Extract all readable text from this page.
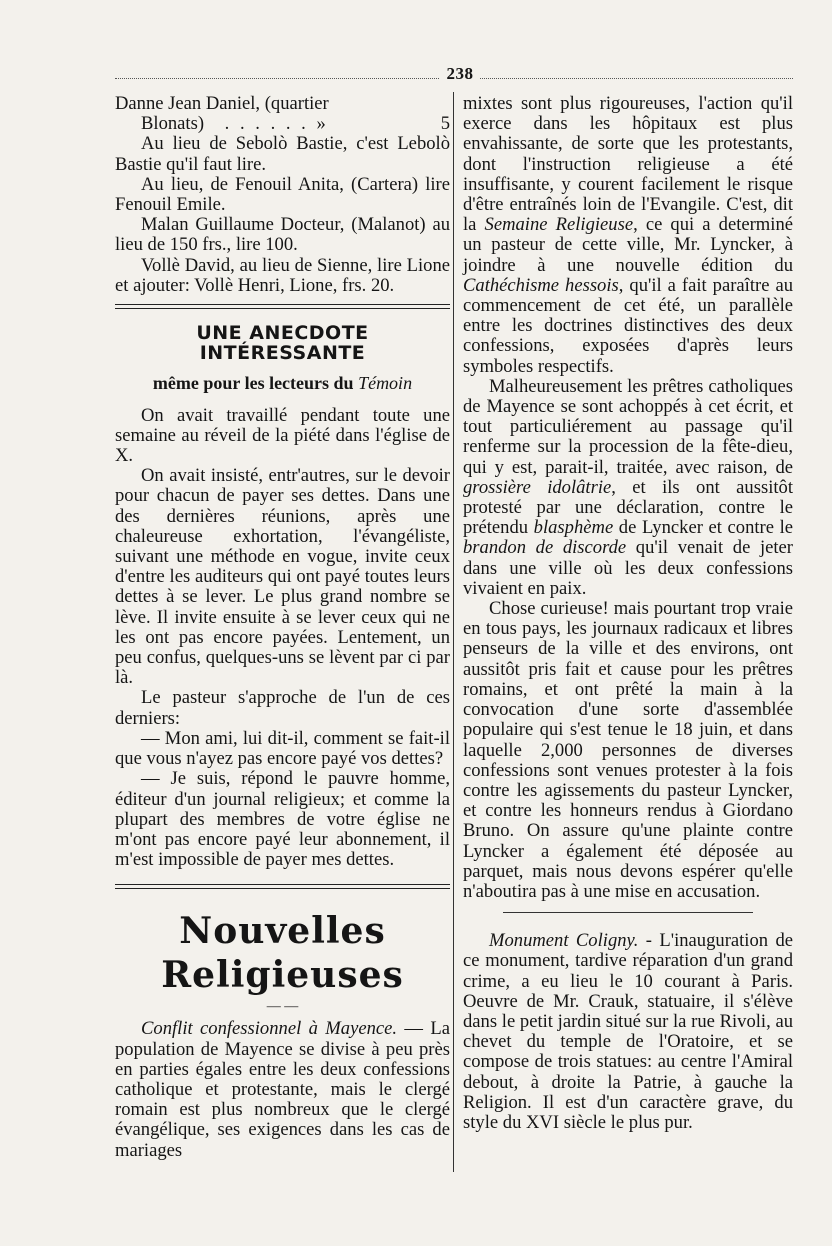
238

Danne Jean Daniel, (quartier
Blonats) . . . . . . »	5

Au lieu de Sebolò Bastie, c'est Lebolò Bastie qu'il faut lire.

Au lieu, de Fenouil Anita, (Cartera) lire Fenouil Emile.

Malan Guillaume Docteur, (Malanot) au lieu de 150 frs., lire 100.

Vollè David, au lieu de Sienne, lire Lione et ajouter: Vollè Henri, Lione, frs. 20.

UNE ANECDOTE INTÉRESSANTE
même pour les lecteurs du Témoin

On avait travaillé pendant toute une semaine au réveil de la piété dans l'église de X.

On avait insisté, entr'autres, sur le devoir pour chacun de payer ses dettes. Dans une des dernières réunions, après une chaleureuse exhortation, l'évangéliste, suivant une méthode en vogue, invite ceux d'entre les auditeurs qui ont payé toutes leurs dettes à se lever. Le plus grand nombre se lève. Il invite ensuite à se lever ceux qui ne les ont pas encore payées. Lentement, un peu confus, quelques-uns se lèvent par ci par là.

Le pasteur s'approche de l'un de ces derniers:

— Mon ami, lui dit-il, comment se fait-il que vous n'ayez pas encore payé vos dettes?

— Je suis, répond le pauvre homme, éditeur d'un journal religieux; et comme la plupart des membres de votre église ne m'ont pas encore payé leur abonnement, il m'est impossible de payer mes dettes.

Nouvelles Religieuses
— —

Conflit confessionnel à Mayence. — La population de Mayence se divise à peu près en parties égales entre les deux confessions catholique et protestante, mais le clergé romain est plus nombreux que le clergé évangélique, ses exigences dans les cas de mariages

mixtes sont plus rigoureuses, l'action qu'il exerce dans les hôpitaux est plus envahissante, de sorte que les protestants, dont l'instruction religieuse a été insuffisante, y courent facilement le risque d'être entraînés loin de l'Evangile. C'est, dit la Semaine Religieuse, ce qui a determiné un pasteur de cette ville, Mr. Lyncker, à joindre à une nouvelle édition du Cathéchisme hessois, qu'il a fait paraître au commencement de cet été, un parallèle entre les doctrines distinctives des deux confessions, exposées d'après leurs symboles respectifs.

Malheureusement les prêtres catholiques de Mayence se sont achoppés à cet écrit, et tout particuliérement au passage qu'il renferme sur la procession de la fête-dieu, qui y est, parait-il, traitée, avec raison, de grossière idolâtrie, et ils ont aussitôt protesté par une déclaration, contre le prétendu blasphème de Lyncker et contre le brandon de discorde qu'il venait de jeter dans une ville où les deux confessions vivaient en paix.

Chose curieuse! mais pourtant trop vraie en tous pays, les journaux radicaux et libres penseurs de la ville et des environs, ont aussitôt pris fait et cause pour les prêtres romains, et ont prêté la main à la convocation d'une sorte d'assemblée populaire qui s'est tenue le 18 juin, et dans laquelle 2,000 personnes de diverses confessions sont venues protester à la fois contre les agissements du pasteur Lyncker, et contre les honneurs rendus à Giordano Bruno. On assure qu'une plainte contre Lyncker a également été déposée au parquet, mais nous devons espérer qu'elle n'aboutira pas à une mise en accusation.

Monument Coligny. - L'inauguration de ce monument, tardive réparation d'un grand crime, a eu lieu le 10 courant à Paris. Oeuvre de Mr. Crauk, statuaire, il s'élève dans le petit jardin situé sur la rue Rivoli, au chevet du temple de l'Oratoire, et se compose de trois statues: au centre l'Amiral debout, à droite la Patrie, à gauche la Religion. Il est d'un caractère grave, du style du XVI siècle le plus pur.
